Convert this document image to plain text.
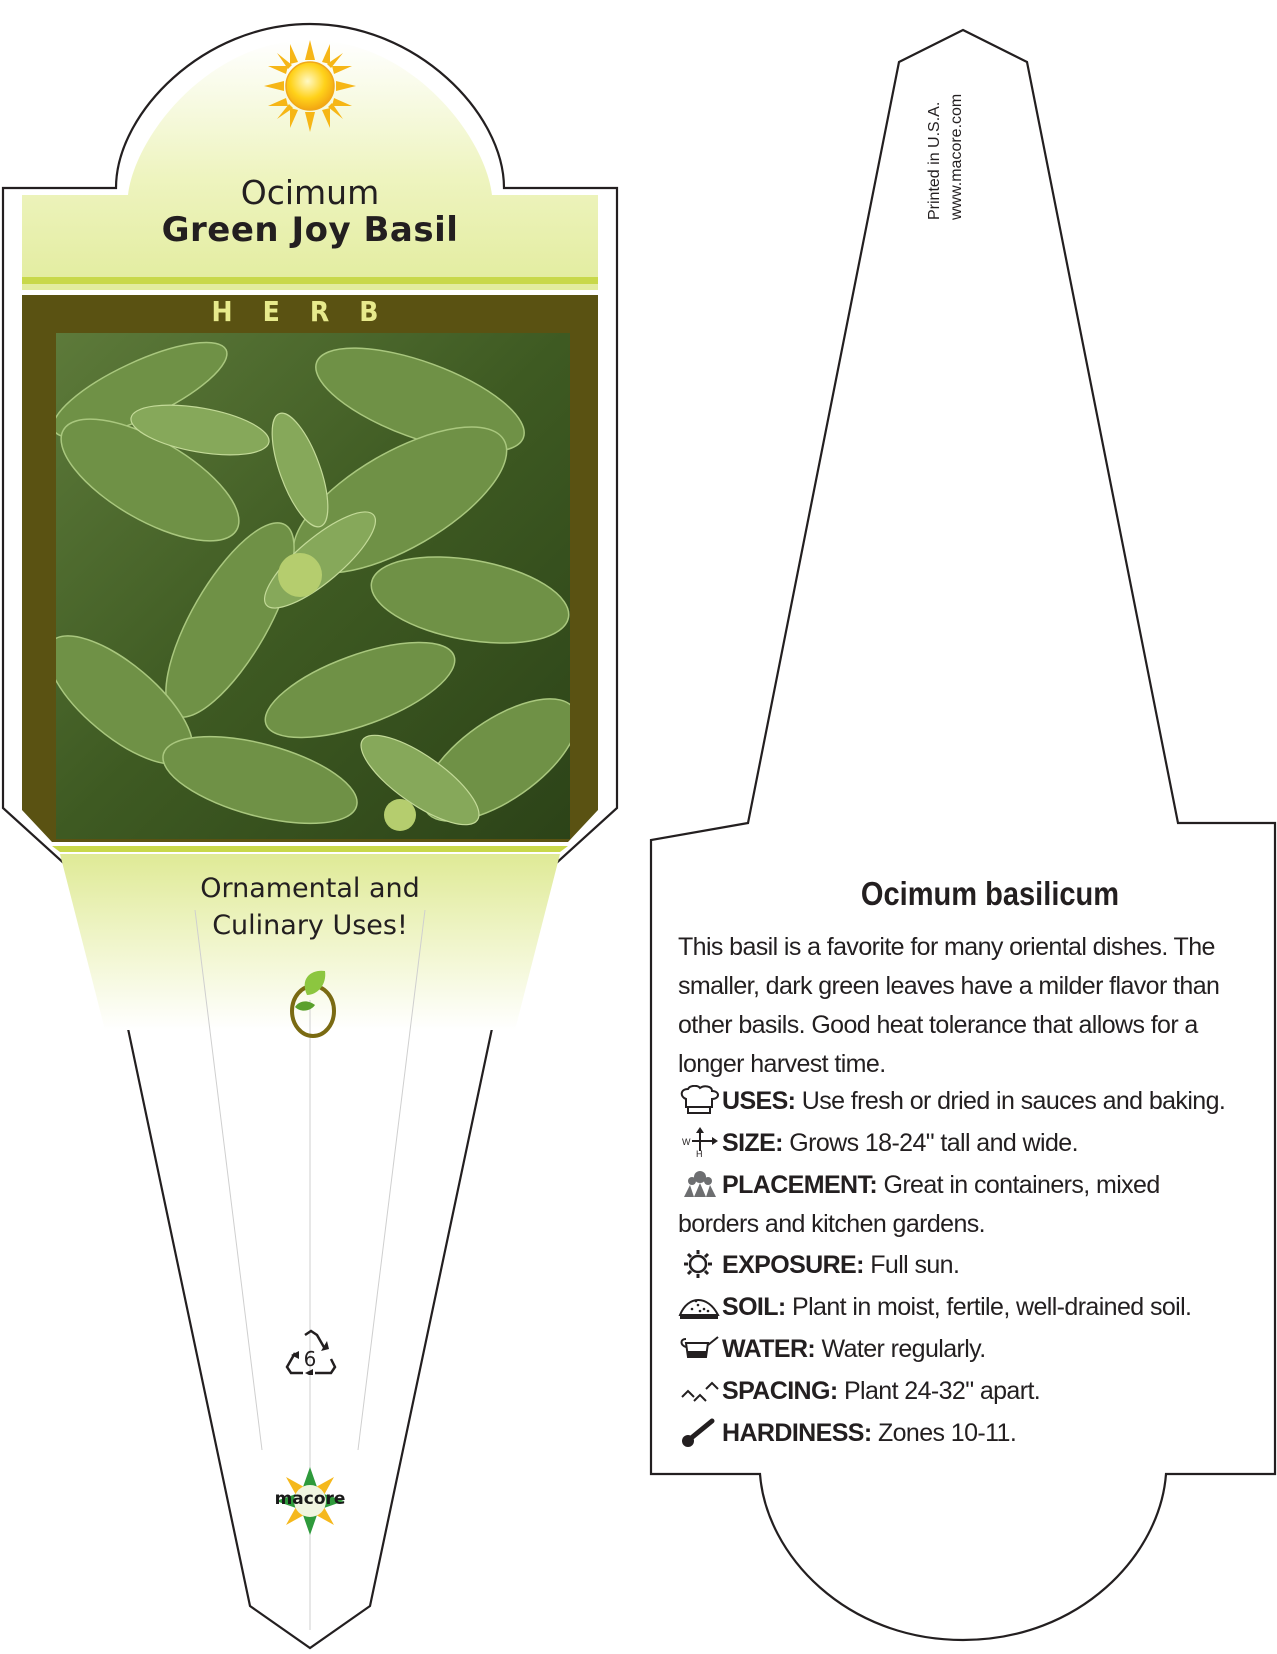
Ocimum
Green Joy Basil
HERB
Ornamental and
Culinary Uses!
6
macore
Printed in U.S.A. www.macore.com
Ocimum basilicum
This basil is a favorite for many oriental dishes. The smaller, dark green leaves have a milder flavor than other basils. Good heat tolerance that allows for a longer harvest time.
USES: Use fresh or dried in sauces and baking.
W
H SIZE: Grows 18-24" tall and wide.
PLACEMENT: Great in containers, mixed borders and kitchen gardens.
EXPOSURE: Full sun.
SOIL: Plant in moist, fertile, well-drained soil.
WATER: Water regularly.
SPACING: Plant 24-32" apart.
HARDINESS: Zones 10-11.
